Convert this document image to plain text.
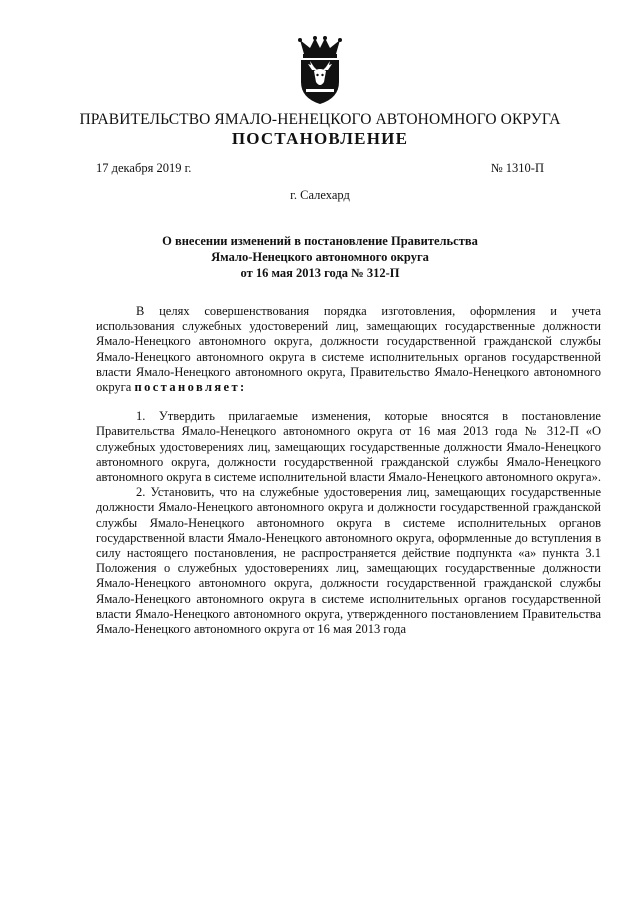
ПРАВИТЕЛЬСТВО ЯМАЛО-НЕНЕЦКОГО АВТОНОМНОГО ОКРУГА
ПОСТАНОВЛЕНИЕ
17 декабря 2019 г.	№ 1310-П
г. Салехард
О внесении изменений в постановление Правительства
Ямало-Ненецкого автономного округа
от 16 мая 2013 года № 312-П

В целях совершенствования порядка изготовления, оформления и учета использования служебных удостоверений лиц, замещающих государственные должности Ямало-Ненецкого автономного округа, должности государственной гражданской службы Ямало-Ненецкого автономного округа в системе исполнительных органов государственной власти Ямало-Ненецкого автономного округа, Правительство Ямало-Ненецкого автономного округа постановляет:

1. Утвердить прилагаемые изменения, которые вносятся в постановление Правительства Ямало-Ненецкого автономного округа от 16 мая 2013 года № 312-П «О служебных удостоверениях лиц, замещающих государственные должности Ямало-Ненецкого автономного округа, должности государственной гражданской службы Ямало-Ненецкого автономного округа в системе исполнительной власти Ямало-Ненецкого автономного округа».

2. Установить, что на служебные удостоверения лиц, замещающих государственные должности Ямало-Ненецкого автономного округа и должности государственной гражданской службы Ямало-Ненецкого автономного округа в системе исполнительных органов государственной власти Ямало-Ненецкого автономного округа, оформленные до вступления в силу настоящего постановления, не распространяется действие подпункта «а» пункта 3.1 Положения о служебных удостоверениях лиц, замещающих государственные должности Ямало-Ненецкого автономного округа, должности государственной гражданской службы Ямало-Ненецкого автономного округа в системе исполнительных органов государственной власти Ямало-Ненецкого автономного округа, утвержденного постановлением Правительства Ямало-Ненецкого автономного округа от 16 мая 2013 года
